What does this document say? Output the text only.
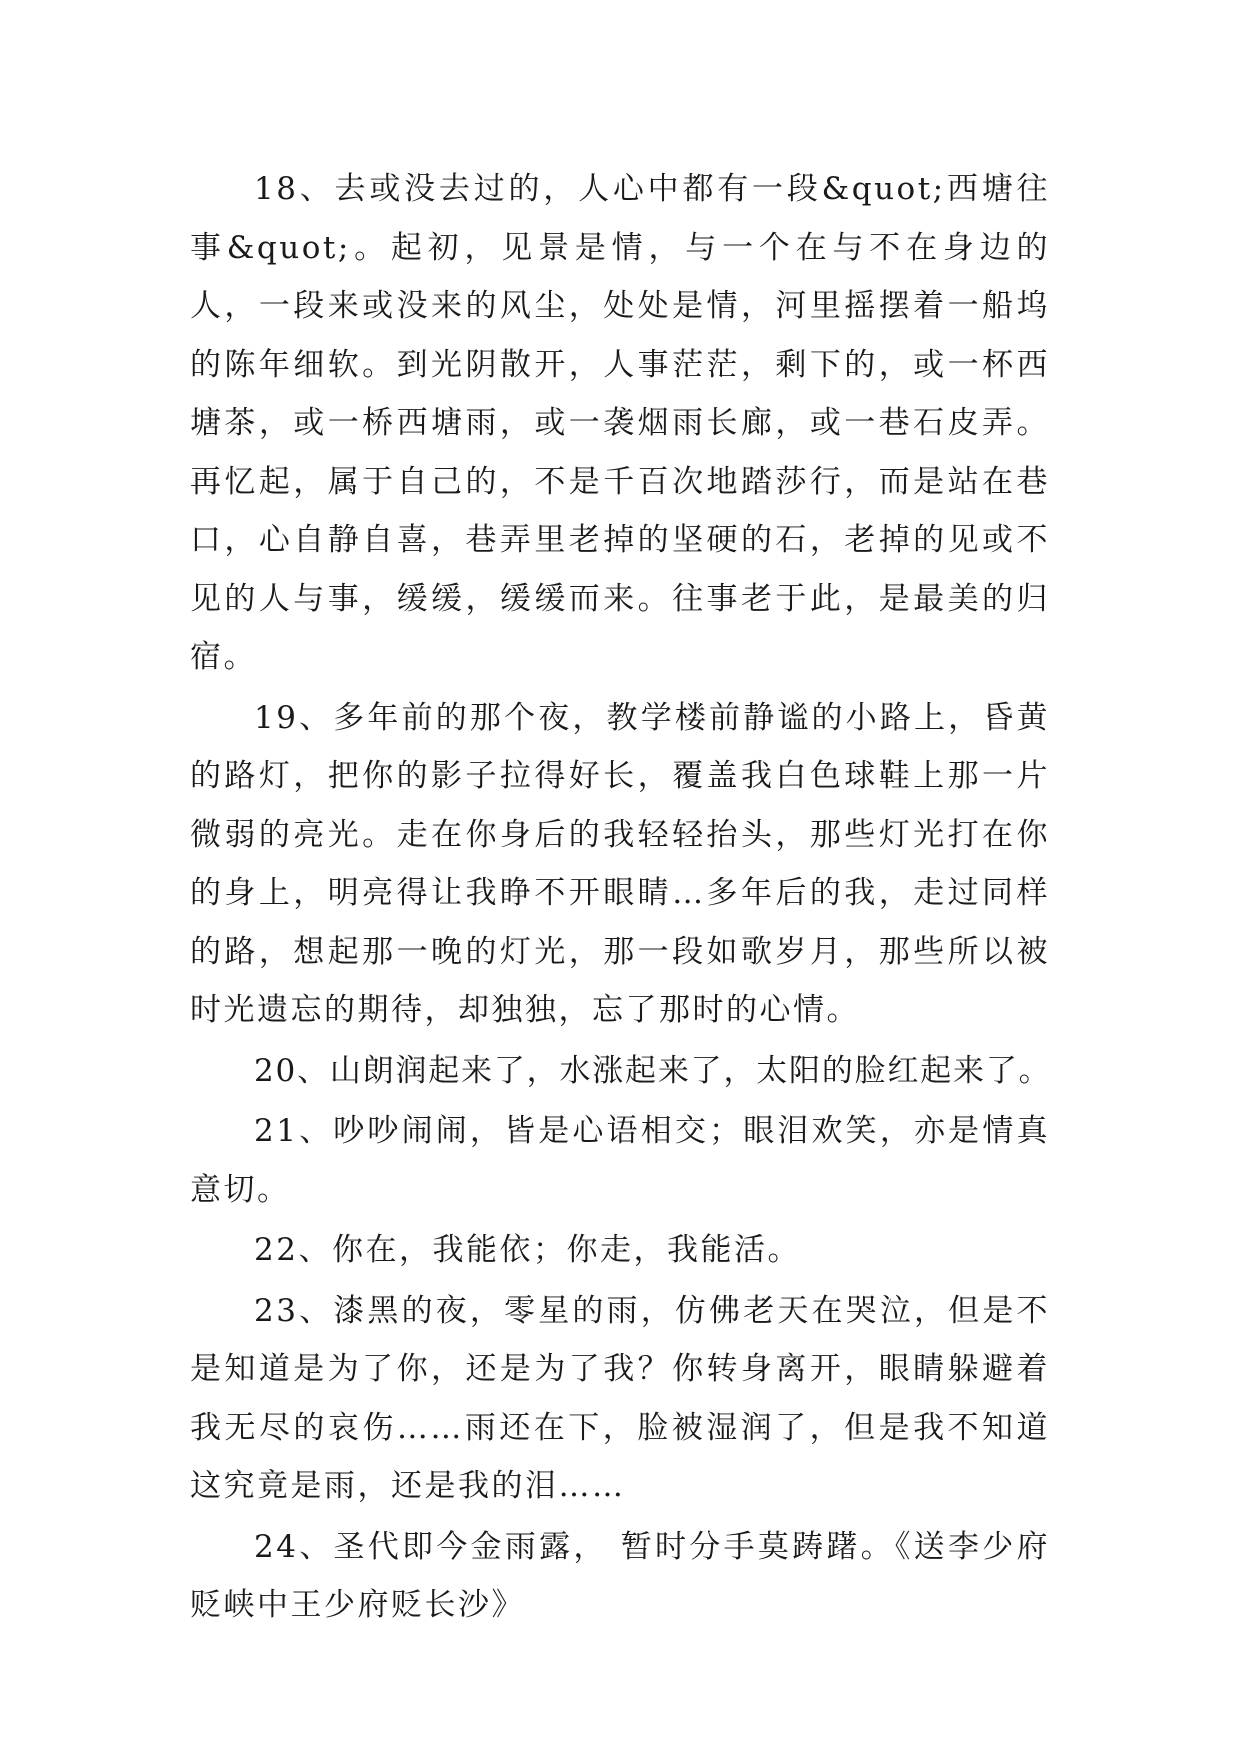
18、去或没去过的，人心中都有一段&quot;西塘往事&quot;。起初，见景是情，与一个在与不在身边的人，一段来或没来的风尘，处处是情，河里摇摆着一船坞的陈年细软。到光阴散开，人事茫茫，剩下的，或一杯西塘茶，或一桥西塘雨，或一袭烟雨长廊，或一巷石皮弄。再忆起，属于自己的，不是千百次地踏莎行，而是站在巷口，心自静自喜，巷弄里老掉的坚硬的石，老掉的见或不见的人与事，缓缓，缓缓而来。往事老于此，是最美的归宿。

19、多年前的那个夜，教学楼前静谧的小路上，昏黄的路灯，把你的影子拉得好长，覆盖我白色球鞋上那一片微弱的亮光。走在你身后的我轻轻抬头，那些灯光打在你的身上，明亮得让我睁不开眼睛…多年后的我，走过同样的路，想起那一晚的灯光，那一段如歌岁月，那些所以被时光遗忘的期待，却独独，忘了那时的心情。

20、山朗润起来了，水涨起来了，太阳的脸红起来了。

21、吵吵闹闹，皆是心语相交；眼泪欢笑，亦是情真意切。

22、你在，我能依；你走，我能活。

23、漆黑的夜，零星的雨，仿佛老天在哭泣，但是不是知道是为了你，还是为了我？你转身离开，眼睛躲避着我无尽的哀伤……雨还在下，脸被湿润了，但是我不知道这究竟是雨，还是我的泪……

24、圣代即今金雨露， 暂时分手莫踌躇。《送李少府贬峡中王少府贬长沙》
